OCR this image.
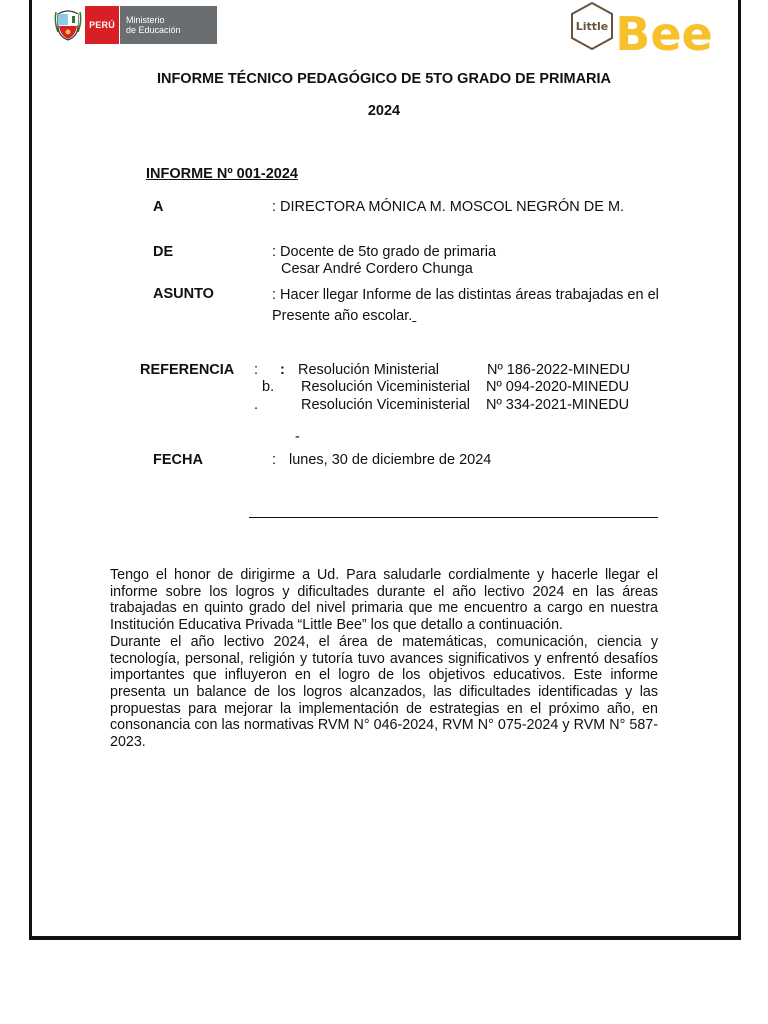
PERÚ	Ministerio
de Educación	Little Bee
INFORME TÉCNICO PEDAGÓGICO DE 5TO GRADO DE PRIMARIA
2024
INFORME Nº 001-2024
A	: DIRECTORA MÓNICA M. MOSCOL NEGRÓN DE M.
DE	: Docente de 5to grado de primaria
Cesar André Cordero Chunga
ASUNTO	: Hacer llegar Informe de las distintas áreas trabajadas en el
Presente año escolar.
REFERENCIA : : Resolución Ministerial	Nº 186-2022-MINEDU
b. Resolución Viceministerial Nº 094-2020-MINEDU
.	Resolución Viceministerial Nº 334-2021-MINEDU
-
FECHA	: lunes, 30 de diciembre de 2024

Tengo el honor de dirigirme a Ud. Para saludarle cordialmente y hacerle llegar el informe sobre los logros y dificultades durante el año lectivo 2024 en las áreas trabajadas en quinto grado del nivel primaria que me encuentro a cargo en nuestra Institución Educativa Privada “Little Bee” los que detallo a continuación.

Durante el año lectivo 2024, el área de matemáticas, comunicación, ciencia y tecnología, personal, religión y tutoría tuvo avances significativos y enfrentó desafíos importantes que influyeron en el logro de los objetivos educativos. Este informe presenta un balance de los logros alcanzados, las dificultades identificadas y las propuestas para mejorar la implementación de estrategias en el próximo año, en consonancia con las normativas RVM N° 046-2024, RVM N° 075-2024 y RVM N° 587-2023.
